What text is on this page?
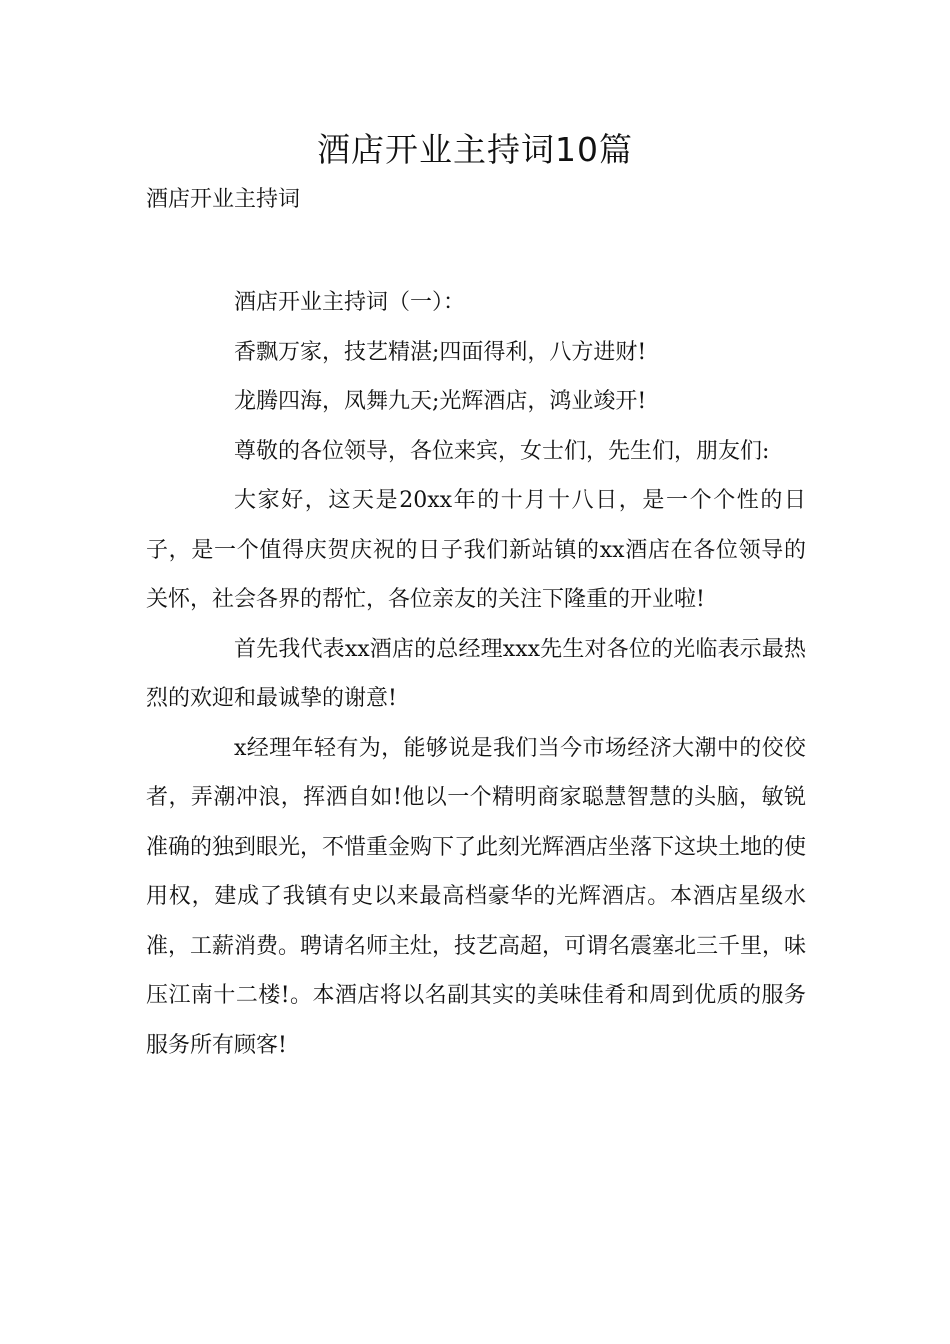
酒店开业主持词10篇
酒店开业主持词

酒店开业主持词（一）：

香飘万家，技艺精湛;四面得利，八方进财!

龙腾四海，凤舞九天;光辉酒店，鸿业竣开!

尊敬的各位领导，各位来宾，女士们，先生们，朋友们:

大家好，这天是20xx年的十月十八日，是一个个性的日子，是一个值得庆贺庆祝的日子我们新站镇的xx酒店在各位领导的关怀，社会各界的帮忙，各位亲友的关注下隆重的开业啦!

首先我代表xx酒店的总经理xxx先生对各位的光临表示最热烈的欢迎和最诚挚的谢意!

x经理年轻有为，能够说是我们当今市场经济大潮中的佼佼者，弄潮冲浪，挥洒自如!他以一个精明商家聪慧智慧的头脑，敏锐准确的独到眼光，不惜重金购下了此刻光辉酒店坐落下这块土地的使用权，建成了我镇有史以来最高档豪华的光辉酒店。本酒店星级水准，工薪消费。聘请名师主灶，技艺高超，可谓名震塞北三千里，味压江南十二楼!。本酒店将以名副其实的美味佳肴和周到优质的服务服务所有顾客!
